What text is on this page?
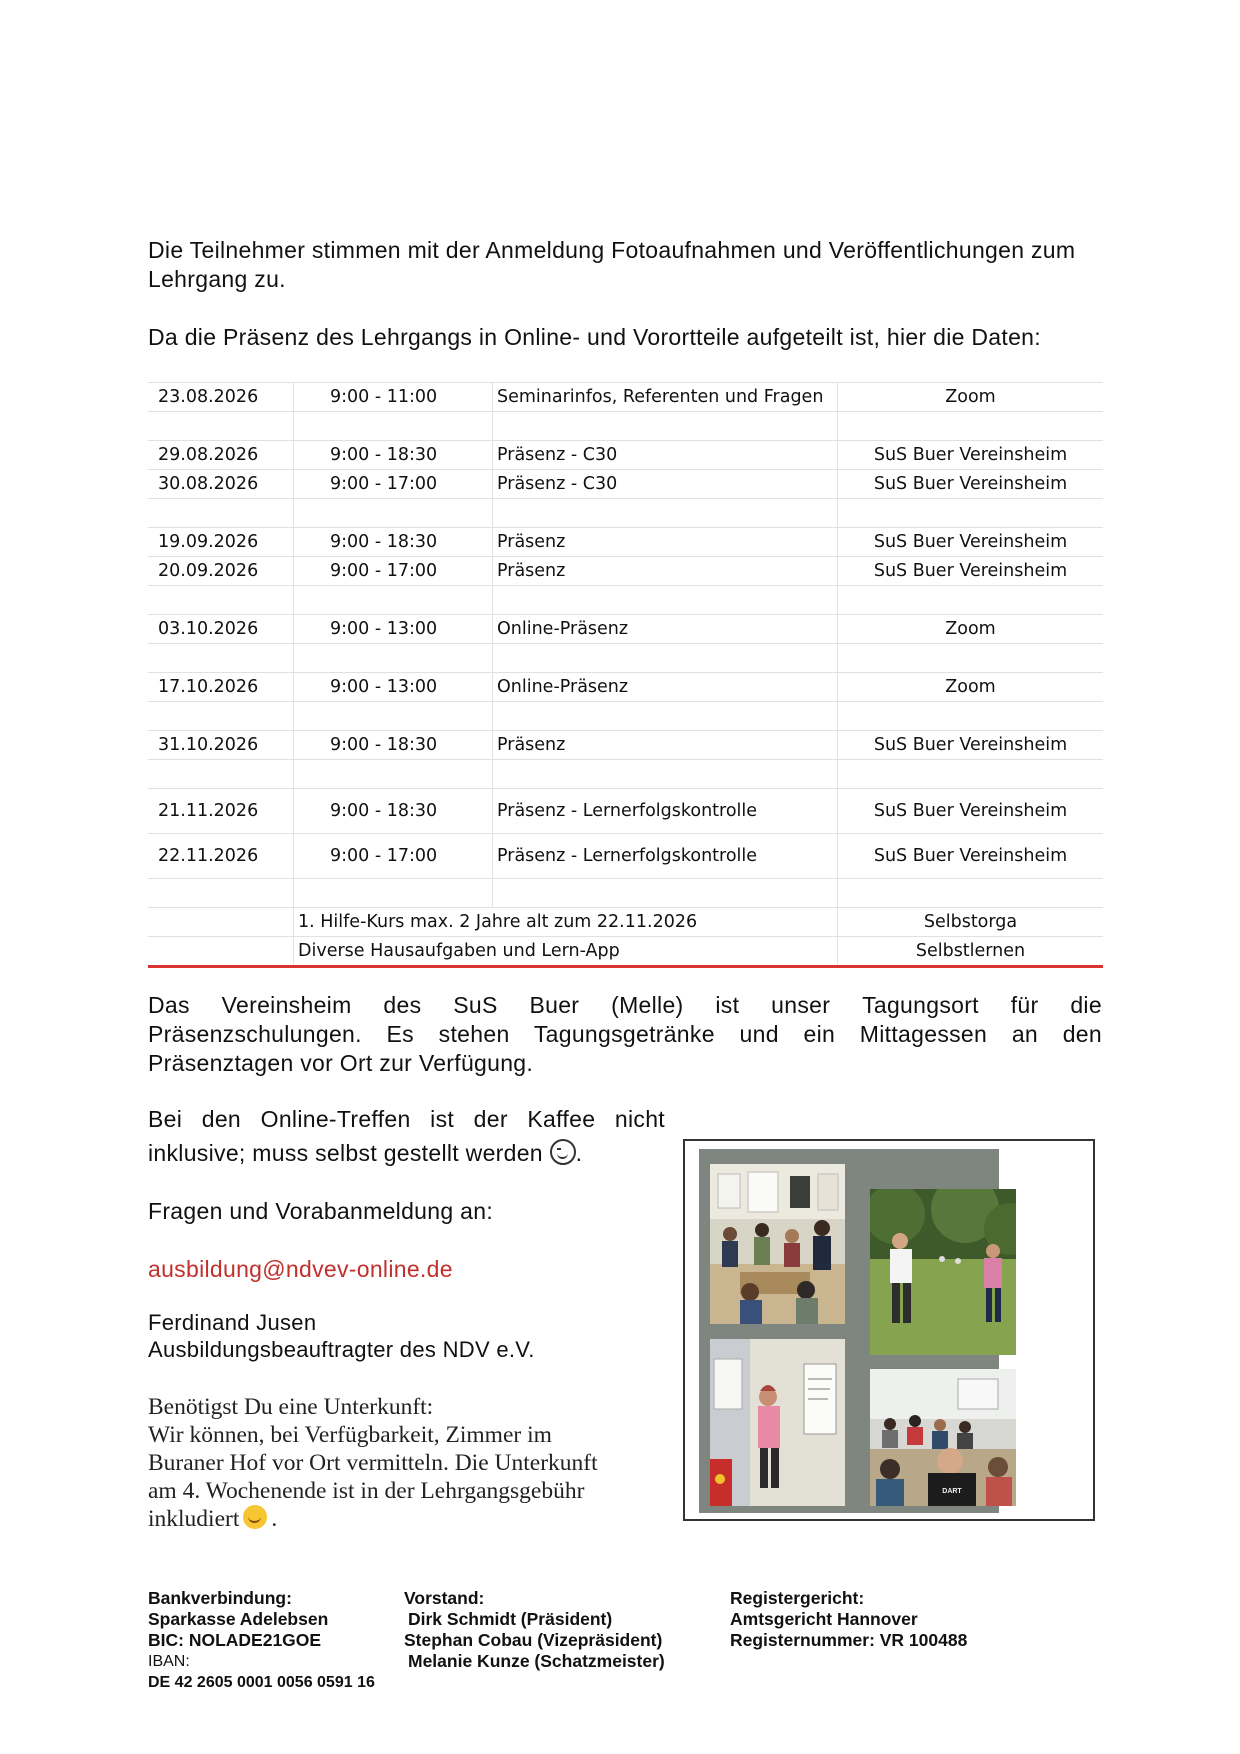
Die Teilnehmer stimmen mit der Anmeldung Fotoaufnahmen und Veröffentlichungen zum Lehrgang zu.
Da die Präsenz des Lehrgangs in Online- und Vorortteile aufgeteilt ist, hier die Daten:
23.08.2026	9:00 - 11:00	Seminarinfos, Referenten und Fragen	Zoom

29.08.2026	9:00 - 18:30	Präsenz - C30	SuS Buer Vereinsheim
30.08.2026	9:00 - 17:00	Präsenz - C30	SuS Buer Vereinsheim

19.09.2026	9:00 - 18:30	Präsenz	SuS Buer Vereinsheim
20.09.2026	9:00 - 17:00	Präsenz	SuS Buer Vereinsheim

03.10.2026	9:00 - 13:00	Online-Präsenz	Zoom

17.10.2026	9:00 - 13:00	Online-Präsenz	Zoom

31.10.2026	9:00 - 18:30	Präsenz	SuS Buer Vereinsheim

21.11.2026	9:00 - 18:30	Präsenz - Lernerfolgskontrolle	SuS Buer Vereinsheim
22.11.2026	9:00 - 17:00	Präsenz - Lernerfolgskontrolle	SuS Buer Vereinsheim

	1. Hilfe-Kurs max. 2 Jahre alt zum 22.11.2026		Selbstorga
	Diverse Hausaufgaben und Lern-App		Selbstlernen
Das Vereinsheim des SuS Buer (Melle) ist unser Tagungsort für die
Präsenzschulungen. Es stehen Tagungsgetränke und ein Mittagessen an den
Präsenztagen vor Ort zur Verfügung.
Bei den Online-Treffen ist der Kaffee nicht
inklusive; muss selbst gestellt werden .
Fragen und Vorabanmeldung an:
ausbildung@ndvev-online.de
Ferdinand Jusen
Ausbildungsbeauftragter des NDV e.V.
Benötigst Du eine Unterkunft:
Wir können, bei Verfügbarkeit, Zimmer im
Buraner Hof vor Ort vermitteln. Die Unterkunft
am 4. Wochenende ist in der Lehrgangsgebühr
inkludiert .
DART
Bankverbindung:
Sparkasse Adelebsen
BIC: NOLADE21GOE
IBAN:
DE 42 2605 0001 0056 0591 16
Vorstand:
Dirk Schmidt (Präsident)
Stephan Cobau (Vizepräsident)
Melanie Kunze (Schatzmeister)
Registergericht:
Amtsgericht Hannover
Registernummer: VR 100488
